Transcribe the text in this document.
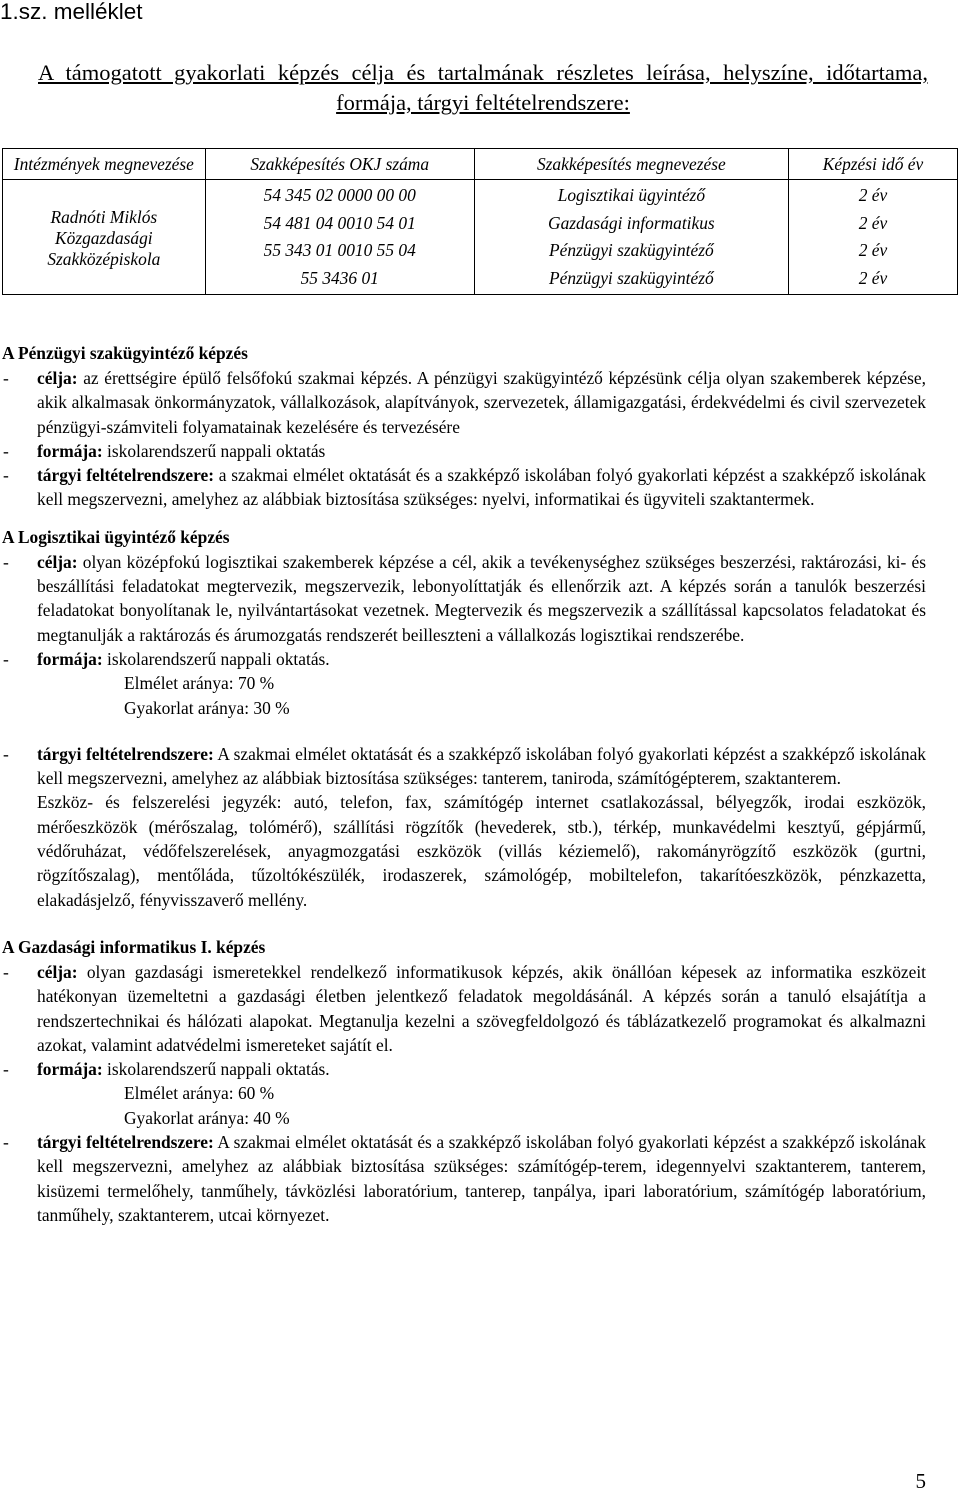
1.sz. melléklet
A támogatott gyakorlati képzés célja és tartalmának részletes leírása, helyszíne, időtartama, formája, tárgyi feltételrendszere:
Intézmények megnevezése	Szakképesítés OKJ száma	Szakképesítés megnevezése	Képzési idő év
Radnóti Miklós Közgazdasági Szakközépiskola	54 345 02 0000 00 00	Logisztikai ügyintéző	2 év
	54 481 04 0010 54 01	Gazdasági informatikus	2 év
	55 343 01 0010 55 04	Pénzügyi szakügyintéző	2 év
	55 3436 01	Pénzügyi szakügyintéző	2 év

A Pénzügyi szakügyintéző képzés

- célja: az érettségire épülő felsőfokú szakmai képzés. A pénzügyi szakügyintéző képzésünk célja olyan szakemberek képzése, akik alkalmasak önkormányzatok, vállalkozások, alapítványok, szervezetek, államigazgatási, érdekvédelmi és civil szervezetek pénzügyi-számviteli folyamatainak kezelésére és tervezésére
- formája: iskolarendszerű nappali oktatás
- tárgyi feltételrendszere: a szakmai elmélet oktatását és a szakképző iskolában folyó gyakorlati képzést a szakképző iskolának kell megszervezni, amelyhez az alábbiak biztosítása szükséges: nyelvi, informatikai és ügyviteli szaktantermek.

A Logisztikai ügyintéző képzés

- célja: olyan középfokú logisztikai szakemberek képzése a cél, akik a tevékenységhez szükséges beszerzési, raktározási, ki- és beszállítási feladatokat megtervezik, megszervezik, lebonyolíttatják és ellenőrzik azt. A képzés során a tanulók beszerzési feladatokat bonyolítanak le, nyilvántartásokat vezetnek. Megtervezik és megszervezik a szállítással kapcsolatos feladatokat és megtanulják a raktározás és árumozgatás rendszerét beilleszteni a vállalkozás logisztikai rendszerébe.
- formája: iskolarendszerű nappali oktatás.
Elmélet aránya: 70 %
Gyakorlat aránya: 30 %
- tárgyi feltételrendszere: A szakmai elmélet oktatását és a szakképző iskolában folyó gyakorlati képzést a szakképző iskolának kell megszervezni, amelyhez az alábbiak biztosítása szükséges: tanterem, taniroda, számítógépterem, szaktanterem.
Eszköz- és felszerelési jegyzék: autó, telefon, fax, számítógép internet csatlakozással, bélyegzők, irodai eszközök, mérőeszközök (mérőszalag, tolómérő), szállítási rögzítők (hevederek, stb.), térkép, munkavédelmi kesztyű, gépjármű, védőruházat, védőfelszerelések, anyagmozgatási eszközök (villás kéziemelő), rakományrögzítő eszközök (gurtni, rögzítőszalag), mentőláda, tűzoltókészülék, irodaszerek, számológép, mobiltelefon, takarítóeszközök, pénzkazetta, elakadásjelző, fényvisszaverő mellény.

A Gazdasági informatikus I. képzés

- célja: olyan gazdasági ismeretekkel rendelkező informatikusok képzés, akik önállóan képesek az informatika eszközeit hatékonyan üzemeltetni a gazdasági életben jelentkező feladatok megoldásánál. A képzés során a tanuló elsajátítja a rendszertechnikai és hálózati alapokat. Megtanulja kezelni a szövegfeldolgozó és táblázatkezelő programokat és alkalmazni azokat, valamint adatvédelmi ismereteket sajátít el.
- formája: iskolarendszerű nappali oktatás.
Elmélet aránya: 60 %
Gyakorlat aránya: 40 %
- tárgyi feltételrendszere: A szakmai elmélet oktatását és a szakképző iskolában folyó gyakorlati képzést a szakképző iskolának kell megszervezni, amelyhez az alábbiak biztosítása szükséges: számítógép-terem, idegennyelvi szaktanterem, tanterem, kisüzemi termelőhely, tanműhely, távközlési laboratórium, tanterep, tanpálya, ipari laboratórium, számítógép laboratórium, tanműhely, szaktanterem, utcai környezet.
5
